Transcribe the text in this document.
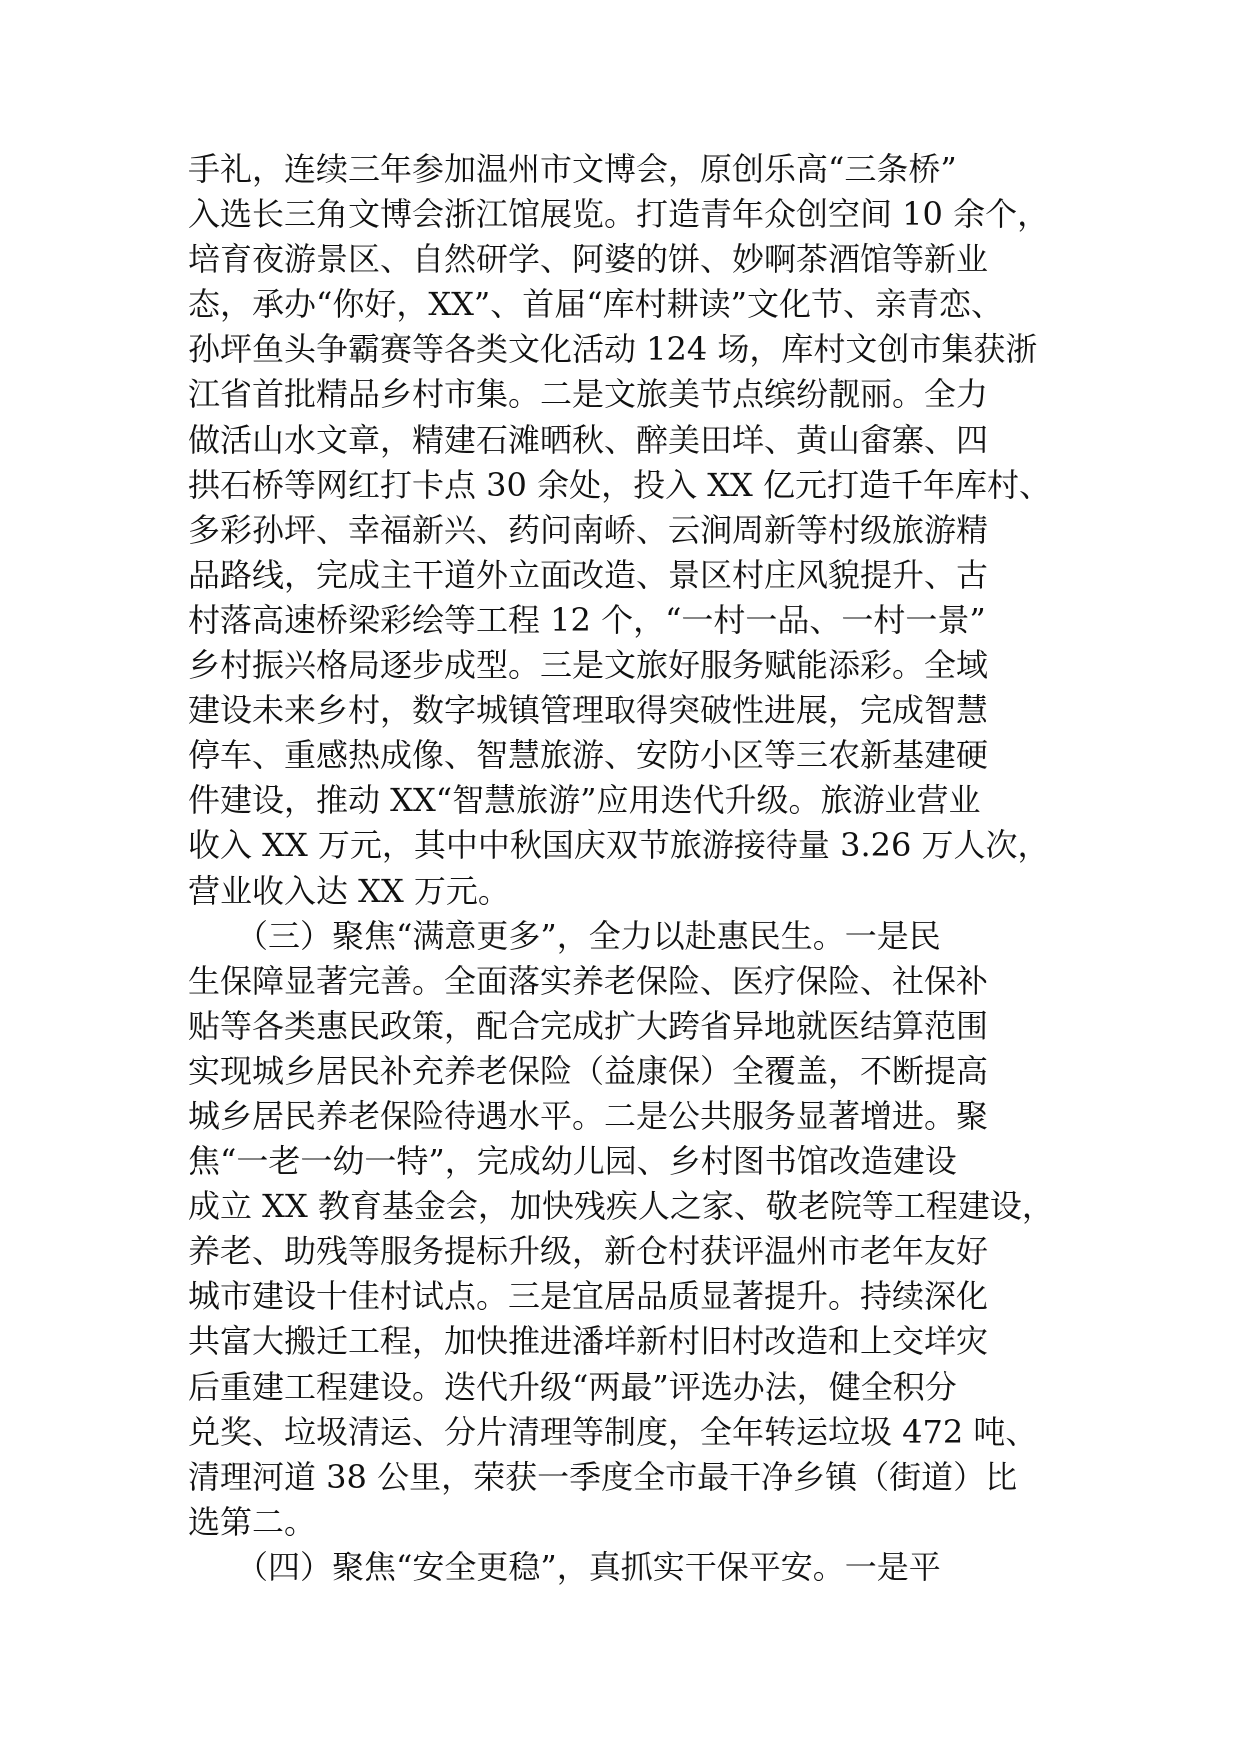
手礼，连续三年参加温州市文博会，原创乐高“三条桥”
入选长三角文博会浙江馆展览。打造青年众创空间 10 余个，
培育夜游景区、自然研学、阿婆的饼、妙啊茶酒馆等新业
态，承办“你好，XX”、首届“库村耕读”文化节、亲青恋、
孙坪鱼头争霸赛等各类文化活动 124 场，库村文创市集获浙
江省首批精品乡村市集。二是文旅美节点缤纷靓丽。全力
做活山水文章，精建石滩晒秋、醉美田垟、黄山畲寨、四
拱石桥等网红打卡点 30 余处，投入 XX 亿元打造千年库村、
多彩孙坪、幸福新兴、药问南峤、云涧周新等村级旅游精
品路线，完成主干道外立面改造、景区村庄风貌提升、古
村落高速桥梁彩绘等工程 12 个，“一村一品、一村一景”
乡村振兴格局逐步成型。三是文旅好服务赋能添彩。全域
建设未来乡村，数字城镇管理取得突破性进展，完成智慧
停车、重感热成像、智慧旅游、安防小区等三农新基建硬
件建设，推动 XX“智慧旅游”应用迭代升级。旅游业营业
收入 XX 万元，其中中秋国庆双节旅游接待量 3.26 万人次，
营业收入达 XX 万元。
　　（三）聚焦“满意更多”，全力以赴惠民生。一是民
生保障显著完善。全面落实养老保险、医疗保险、社保补
贴等各类惠民政策，配合完成扩大跨省异地就医结算范围
实现城乡居民补充养老保险（益康保）全覆盖，不断提高
城乡居民养老保险待遇水平。二是公共服务显著增进。聚
焦“一老一幼一特”，完成幼儿园、乡村图书馆改造建设
成立 XX 教育基金会，加快残疾人之家、敬老院等工程建设，
养老、助残等服务提标升级，新仓村获评温州市老年友好
城市建设十佳村试点。三是宜居品质显著提升。持续深化
共富大搬迁工程，加快推进潘垟新村旧村改造和上交垟灾
后重建工程建设。迭代升级“两最”评选办法，健全积分
兑奖、垃圾清运、分片清理等制度，全年转运垃圾 472 吨、
清理河道 38 公里，荣获一季度全市最干净乡镇（街道）比
选第二。
　　（四）聚焦“安全更稳”，真抓实干保平安。一是平
